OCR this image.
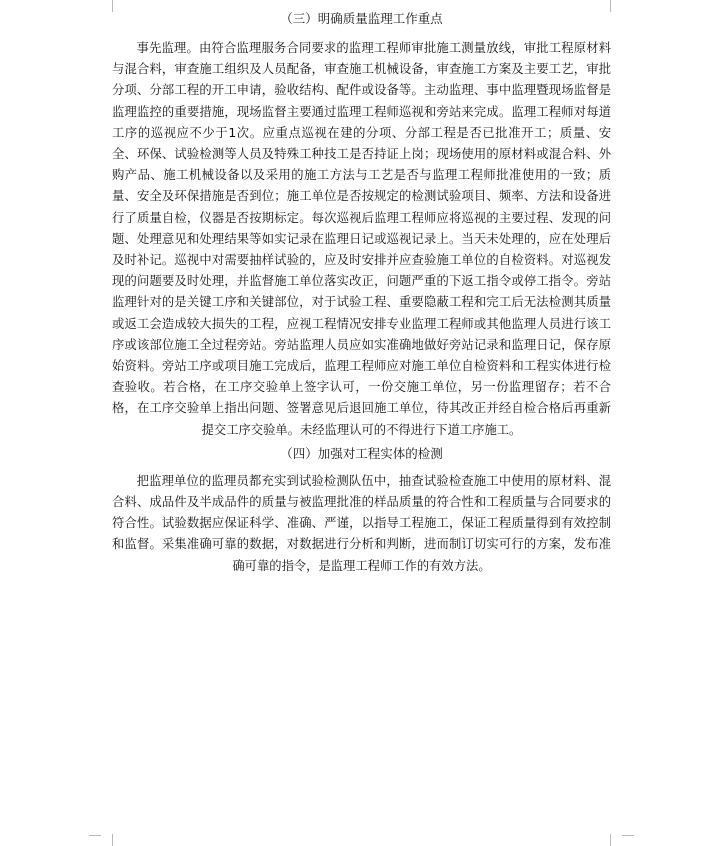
（三）明确质量监理工作重点

事先监理。由符合监理服务合同要求的监理工程师审批施工测量放线，审批工程原材料与混合料，审查施工组织及人员配备，审查施工机械设备，审查施工方案及主要工艺，审批分项、分部工程的开工申请，验收结构、配件或设备等。主动监理、事中监理暨现场监督是监理监控的重要措施，现场监督主要通过监理工程师巡视和旁站来完成。监理工程师对每道工序的巡视应不少于1次。应重点巡视在建的分项、分部工程是否已批准开工；质量、安全、环保、试验检测等人员及特殊工种技工是否持证上岗；现场使用的原材料或混合料、外购产品、施工机械设备以及采用的施工方法与工艺是否与监理工程师批准使用的一致；质量、安全及环保措施是否到位；施工单位是否按规定的检测试验项目、频率、方法和设备进行了质量自检，仪器是否按期标定。每次巡视后监理工程师应将巡视的主要过程、发现的问题、处理意见和处理结果等如实记录在监理日记或巡视记录上。当天未处理的，应在处理后及时补记。巡视中对需要抽样试验的，应及时安排并应查验施工单位的自检资料。对巡视发现的问题要及时处理，并监督施工单位落实改正，问题严重的下返工指令或停工指令。旁站监理针对的是关键工序和关键部位，对于试验工程、重要隐蔽工程和完工后无法检测其质量或返工会造成较大损失的工程，应视工程情况安排专业监理工程师或其他监理人员进行该工序或该部位施工全过程旁站。旁站监理人员应如实准确地做好旁站记录和监理日记，保存原始资料。旁站工序或项目施工完成后，监理工程师应对施工单位自检资料和工程实体进行检查验收。若合格，在工序交验单上签字认可，一份交施工单位，另一份监理留存；若不合格，在工序交验单上指出问题、签署意见后退回施工单位，待其改正并经自检合格后再重新提交工序交验单。未经监理认可的不得进行下道工序施工。

（四）加强对工程实体的检测

把监理单位的监理员都充实到试验检测队伍中，抽查试验检查施工中使用的原材料、混合料、成品件及半成品件的质量与被监理批准的样品质量的符合性和工程质量与合同要求的符合性。试验数据应保证科学、准确、严谨，以指导工程施工，保证工程质量得到有效控制和监督。采集准确可靠的数据，对数据进行分析和判断，进而制订切实可行的方案，发布准确可靠的指令，是监理工程师工作的有效方法。
